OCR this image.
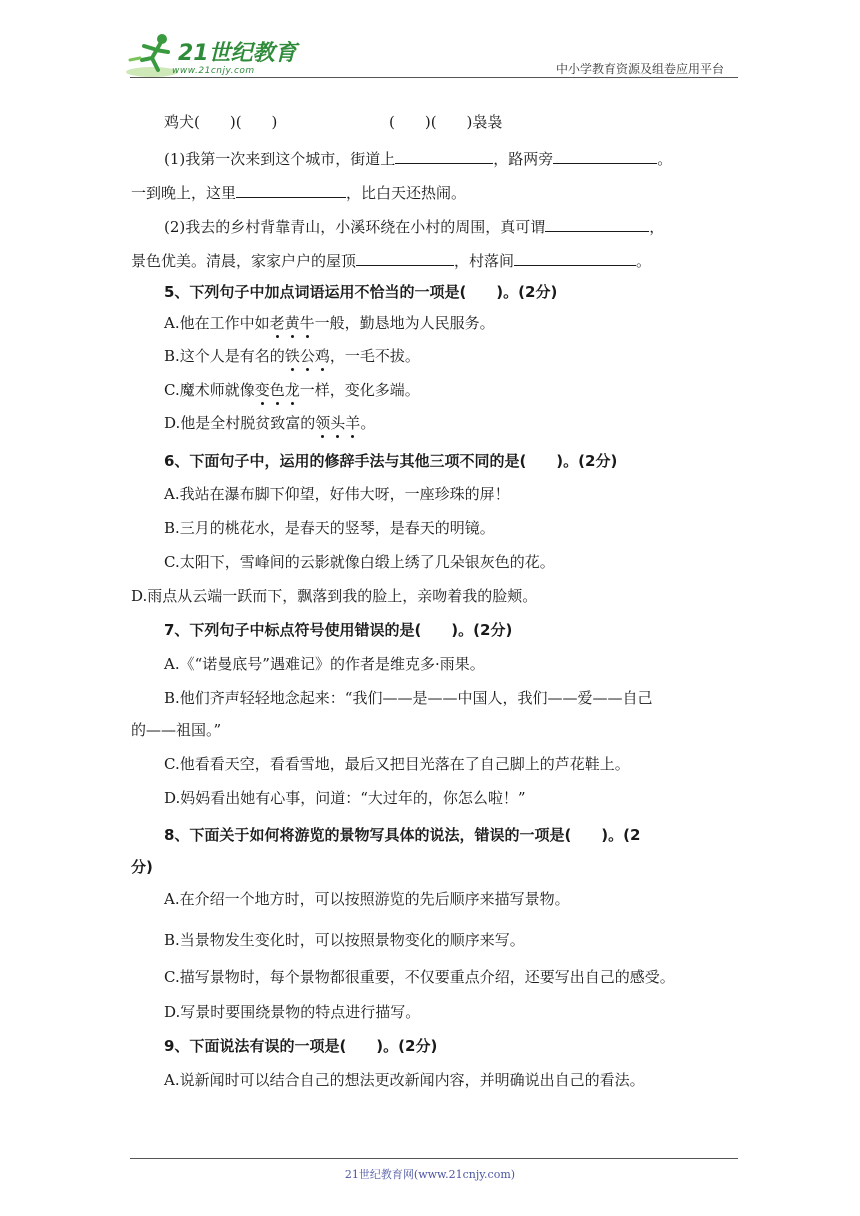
21世纪教育
www.21cnjy.com	中小学教育资源及组卷应用平台
鸡犬(　　)(　　)	(　　)(　　)袅袅
(1)我第一次来到这个城市，街道上	，路两旁	。
一到晚上，这里	，比白天还热闹。
(2)我去的乡村背靠青山，小溪环绕在小村的周围，真可谓	，
景色优美。清晨，家家户户的屋顶	，村落间	。
5、下列句子中加点词语运用不恰当的一项是(　　)。(2分)
A.他在工作中如老黄牛一般，勤恳地为人民服务。
B.这个人是有名的铁公鸡，一毛不拔。
C.魔术师就像变色龙一样，变化多端。
D.他是全村脱贫致富的领头羊。
6、下面句子中，运用的修辞手法与其他三项不同的是(　　)。(2分)
A.我站在瀑布脚下仰望，好伟大呀，一座珍珠的屏！
B.三月的桃花水，是春天的竖琴，是春天的明镜。
C.太阳下，雪峰间的云影就像白缎上绣了几朵银灰色的花。
D.雨点从云端一跃而下，飘落到我的脸上，亲吻着我的脸颊。
7、下列句子中标点符号使用错误的是(　　)。(2分)
A.《“诺曼底号”遇难记》的作者是维克多·雨果。
B.他们齐声轻轻地念起来：“我们——是——中国人，我们——爱——自己
的——祖国。”
C.他看看天空，看看雪地，最后又把目光落在了自己脚上的芦花鞋上。
D.妈妈看出她有心事，问道：“大过年的，你怎么啦！”
8、下面关于如何将游览的景物写具体的说法，错误的一项是(　　)。(2
分)
A.在介绍一个地方时，可以按照游览的先后顺序来描写景物。
B.当景物发生变化时，可以按照景物变化的顺序来写。
C.描写景物时，每个景物都很重要，不仅要重点介绍，还要写出自己的感受。
D.写景时要围绕景物的特点进行描写。
9、下面说法有误的一项是(　　)。(2分)
A.说新闻时可以结合自己的想法更改新闻内容，并明确说出自己的看法。
21世纪教育网(www.21cnjy.com)
